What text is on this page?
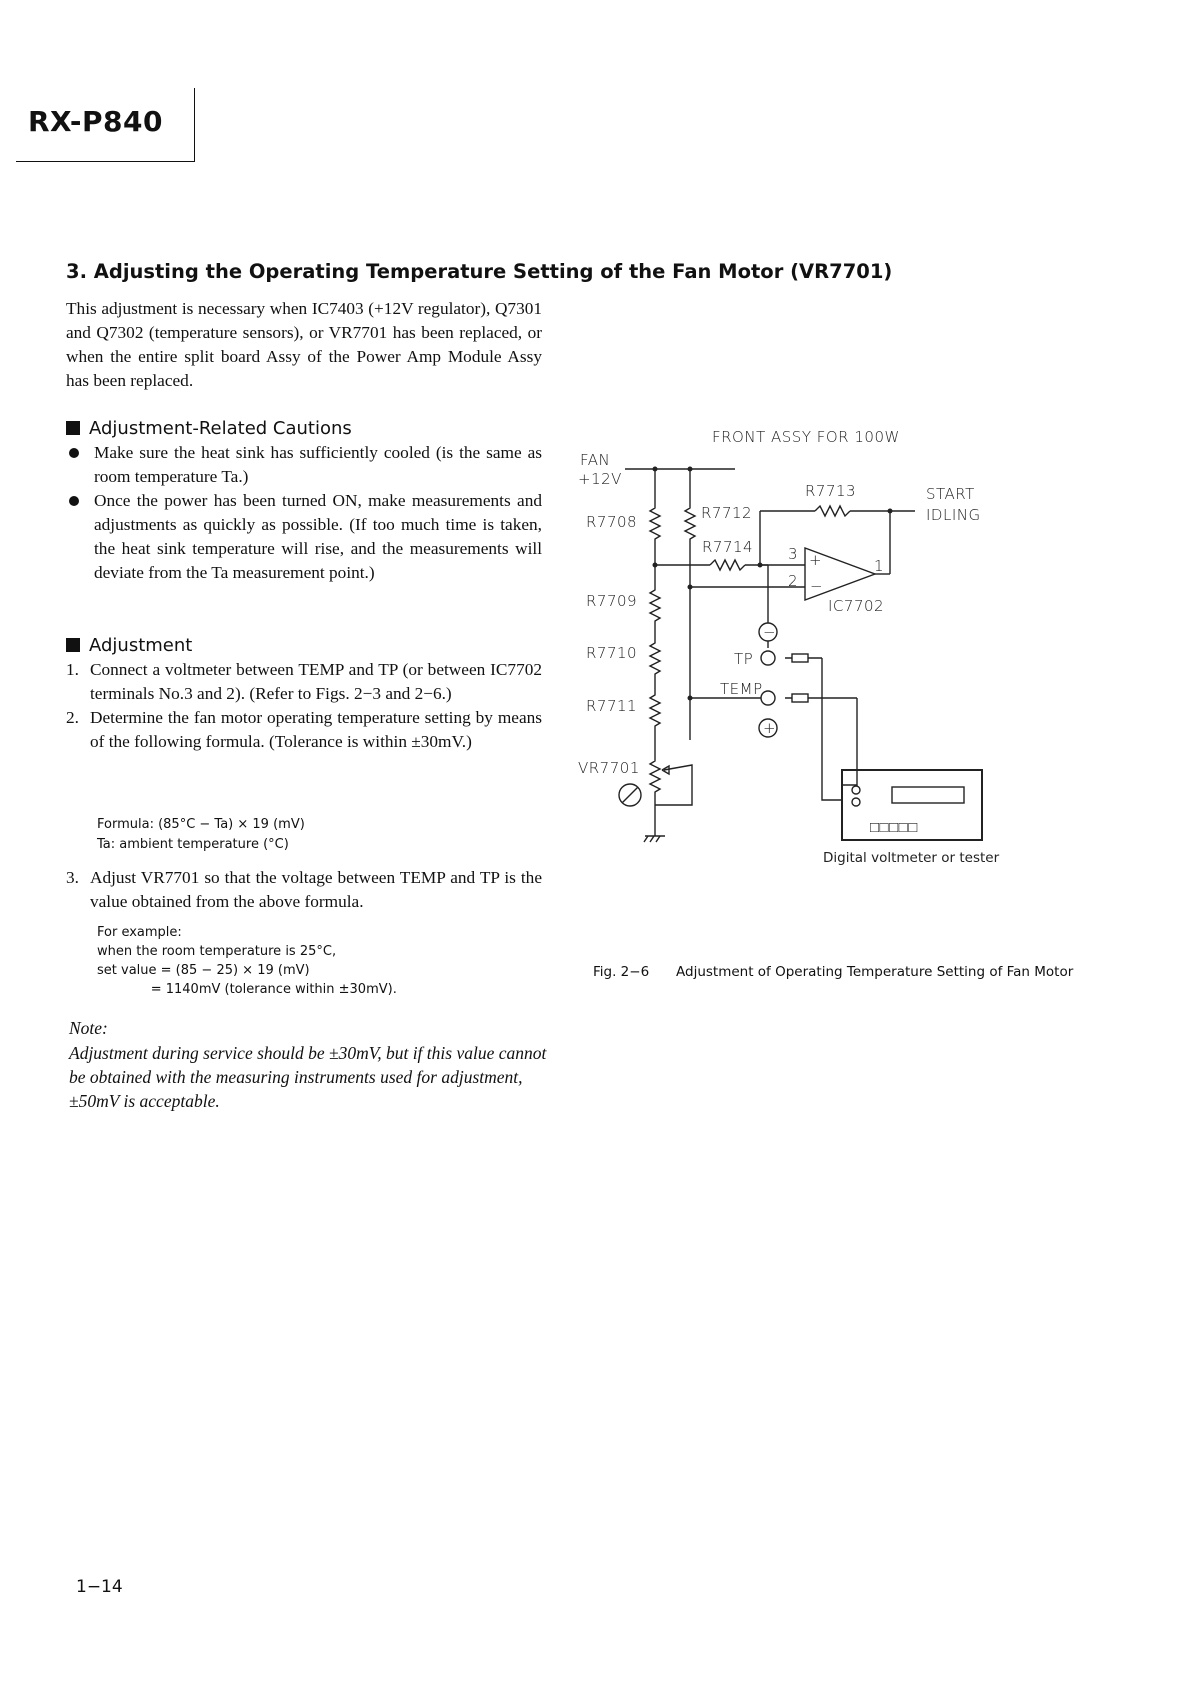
RX-P840
3. Adjusting the Operating Temperature Setting of the Fan Motor (VR7701)
This adjustment is necessary when IC7403 (+12V regulator), Q7301 and Q7302 (temperature sensors), or VR7701 has been replaced, or when the entire split board Assy of the Power Amp Module Assy has been replaced.
Adjustment-Related Cautions
Make sure the heat sink has sufficiently cooled (is the same as room temperature Ta.)
Once the power has been turned ON, make measurements and adjustments as quickly as possible. (If too much time is taken, the heat sink temperature will rise, and the measurements will deviate from the Ta measurement point.)
Adjustment
1. Connect a voltmeter between TEMP and TP (or between IC7702 terminals No.3 and 2). (Refer to Figs. 2−3 and 2−6.)
2. Determine the fan motor operating temperature setting by means of the following formula. (Tolerance is within ±30mV.)
Formula: (85°C − Ta) × 19 (mV)
Ta: ambient temperature (°C)
3. Adjust VR7701 so that the voltage between TEMP and TP is the value obtained from the above formula.
For example:
when the room temperature is 25°C,
set value = (85 − 25) × 19 (mV)
= 1140mV (tolerance within ±30mV).
Note:
Adjustment during service should be ±30mV, but if this value cannot be obtained with the measuring instruments used for adjustment, ±50mV is acceptable.
FRONT ASSY FOR 100W
FAN
+12V
R7708
R7709
R7710
R7711
VR7701
R7712
R7713
R7714
IC7702
3
2
1
+
−
START
IDLING
TP
TEMP
−
+
□□□□□
Digital voltmeter or tester
Fig. 2−6 Adjustment of Operating Temperature Setting of Fan Motor
1−14
